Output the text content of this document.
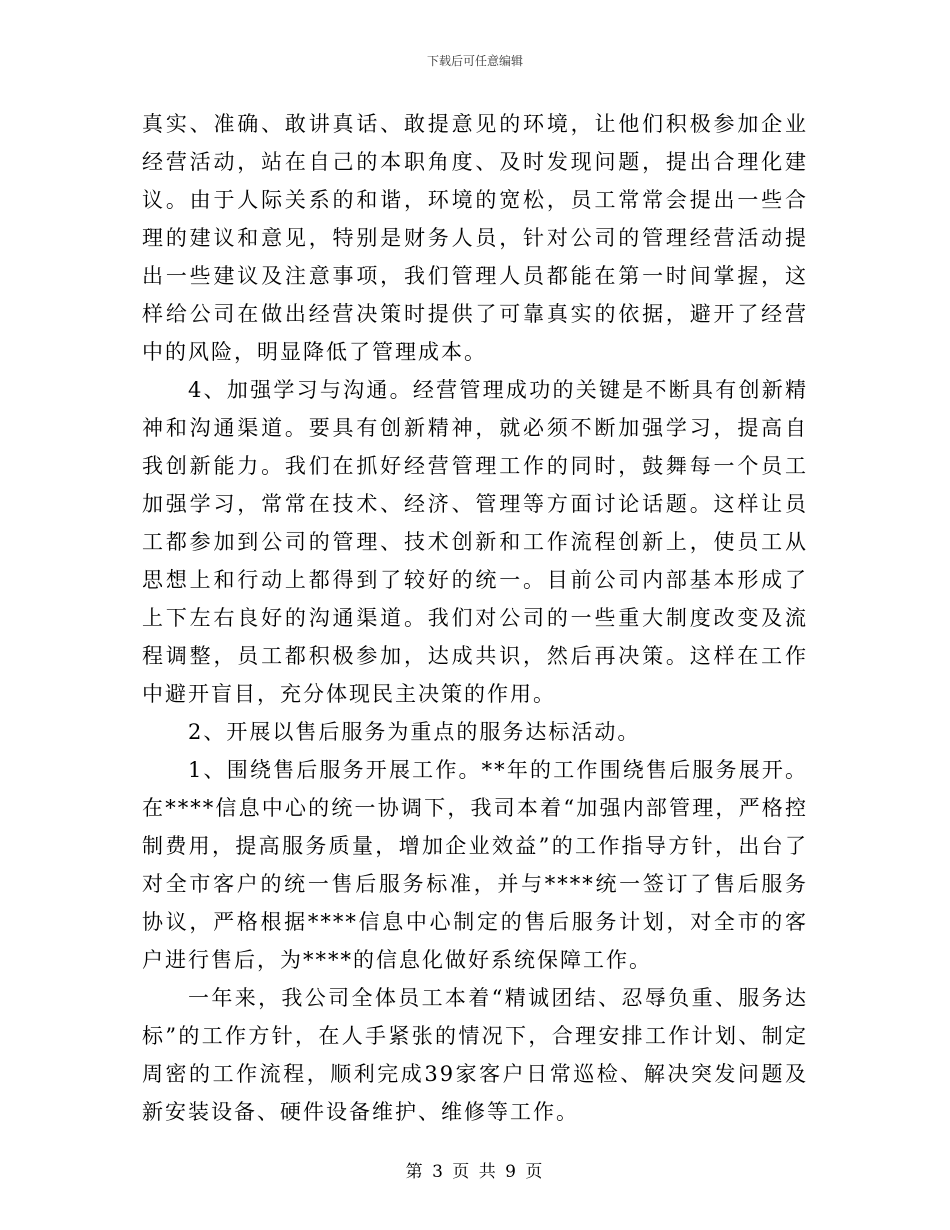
下载后可任意编辑

真实、准确、敢讲真话、敢提意见的环境，让他们积极参加企业经营活动，站在自己的本职角度、及时发现问题，提出合理化建议。由于人际关系的和谐，环境的宽松，员工常常会提出一些合理的建议和意见，特别是财务人员，针对公司的管理经营活动提出一些建议及注意事项，我们管理人员都能在第一时间掌握，这样给公司在做出经营决策时提供了可靠真实的依据，避开了经营中的风险，明显降低了管理成本。

4、加强学习与沟通。经营管理成功的关键是不断具有创新精神和沟通渠道。要具有创新精神，就必须不断加强学习，提高自我创新能力。我们在抓好经营管理工作的同时，鼓舞每一个员工加强学习，常常在技术、经济、管理等方面讨论话题。这样让员工都参加到公司的管理、技术创新和工作流程创新上，使员工从思想上和行动上都得到了较好的统一。目前公司内部基本形成了上下左右良好的沟通渠道。我们对公司的一些重大制度改变及流程调整，员工都积极参加，达成共识，然后再决策。这样在工作中避开盲目，充分体现民主决策的作用。

2、开展以售后服务为重点的服务达标活动。

1、围绕售后服务开展工作。**年的工作围绕售后服务展开。在****信息中心的统一协调下，我司本着“加强内部管理，严格控制费用，提高服务质量，增加企业效益”的工作指导方针，出台了对全市客户的统一售后服务标准，并与****统一签订了售后服务协议，严格根据****信息中心制定的售后服务计划，对全市的客户进行售后，为****的信息化做好系统保障工作。

一年来，我公司全体员工本着“精诚团结、忍辱负重、服务达标”的工作方针，在人手紧张的情况下，合理安排工作计划、制定周密的工作流程，顺利完成39家客户日常巡检、解决突发问题及新安装设备、硬件设备维护、维修等工作。

第 3 页 共 9 页
